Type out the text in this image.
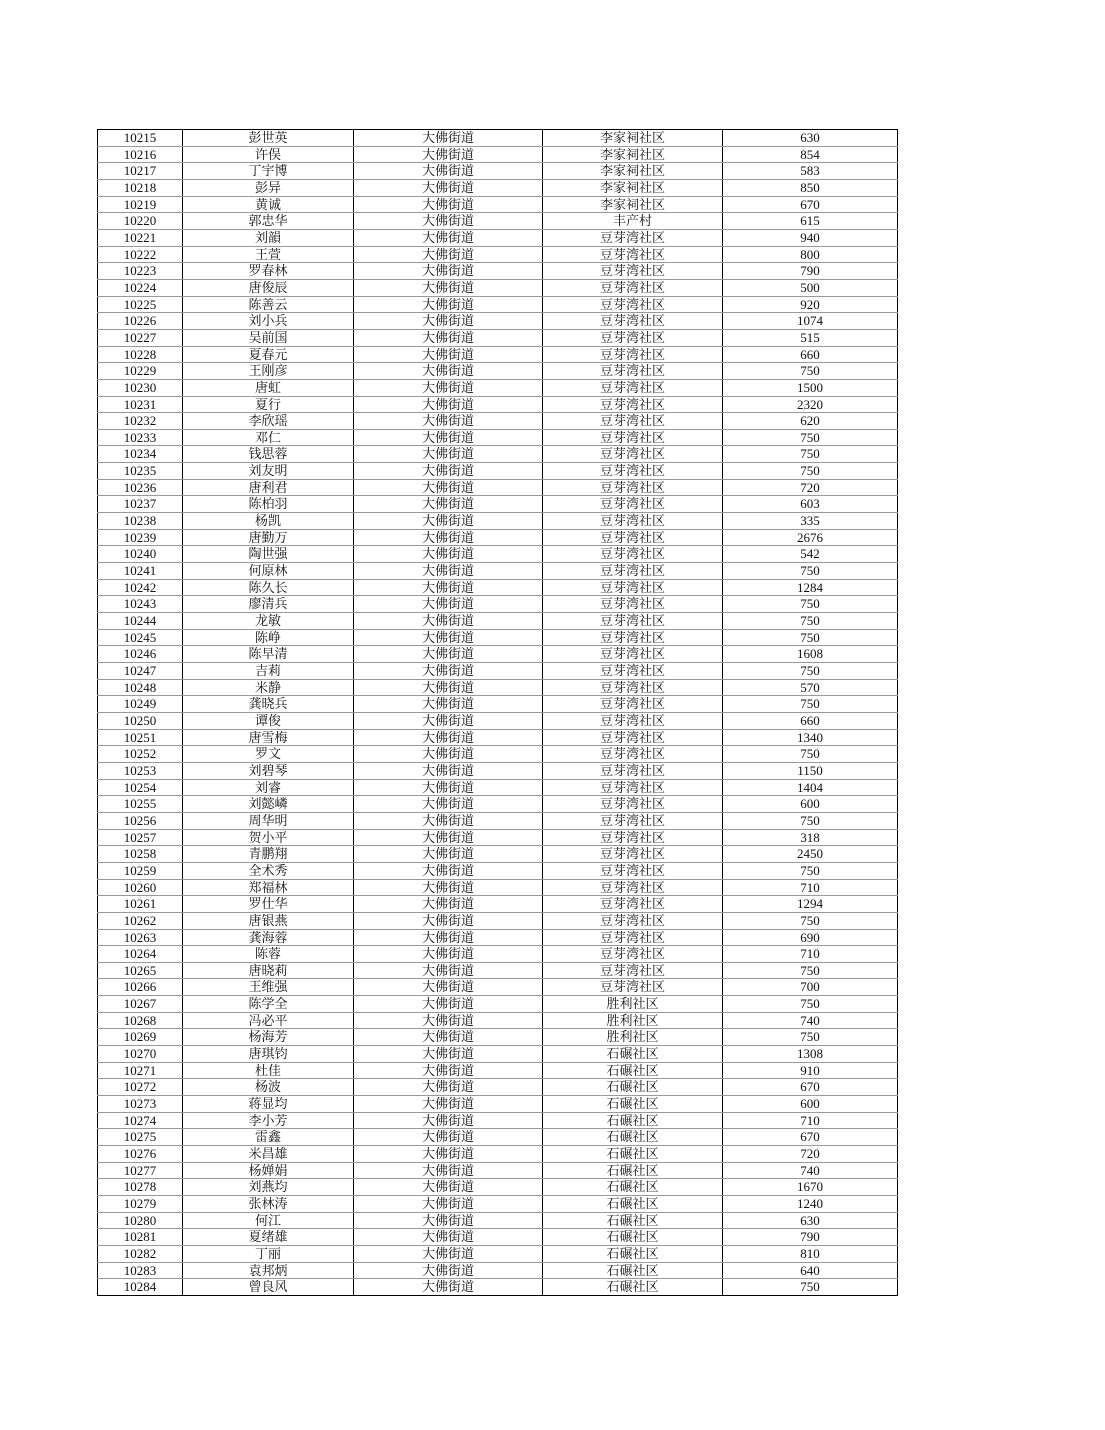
10215	彭世英	大佛街道	李家祠社区	630
10216	许俣	大佛街道	李家祠社区	854
10217	丁宇博	大佛街道	李家祠社区	583
10218	彭异	大佛街道	李家祠社区	850
10219	黄诚	大佛街道	李家祠社区	670
10220	郭忠华	大佛街道	丰产村	615
10221	刘韻	大佛街道	豆芽湾社区	940
10222	王萱	大佛街道	豆芽湾社区	800
10223	罗春林	大佛街道	豆芽湾社区	790
10224	唐俊辰	大佛街道	豆芽湾社区	500
10225	陈善云	大佛街道	豆芽湾社区	920
10226	刘小兵	大佛街道	豆芽湾社区	1074
10227	吴前国	大佛街道	豆芽湾社区	515
10228	夏春元	大佛街道	豆芽湾社区	660
10229	王刚彦	大佛街道	豆芽湾社区	750
10230	唐虹	大佛街道	豆芽湾社区	1500
10231	夏行	大佛街道	豆芽湾社区	2320
10232	李欣瑶	大佛街道	豆芽湾社区	620
10233	邓仁	大佛街道	豆芽湾社区	750
10234	钱思蓉	大佛街道	豆芽湾社区	750
10235	刘友明	大佛街道	豆芽湾社区	750
10236	唐利君	大佛街道	豆芽湾社区	720
10237	陈柏羽	大佛街道	豆芽湾社区	603
10238	杨凯	大佛街道	豆芽湾社区	335
10239	唐勤万	大佛街道	豆芽湾社区	2676
10240	陶世强	大佛街道	豆芽湾社区	542
10241	何原林	大佛街道	豆芽湾社区	750
10242	陈久长	大佛街道	豆芽湾社区	1284
10243	廖清兵	大佛街道	豆芽湾社区	750
10244	龙敏	大佛街道	豆芽湾社区	750
10245	陈峥	大佛街道	豆芽湾社区	750
10246	陈早清	大佛街道	豆芽湾社区	1608
10247	吉莉	大佛街道	豆芽湾社区	750
10248	米静	大佛街道	豆芽湾社区	570
10249	龚晓兵	大佛街道	豆芽湾社区	750
10250	谭俊	大佛街道	豆芽湾社区	660
10251	唐雪梅	大佛街道	豆芽湾社区	1340
10252	罗文	大佛街道	豆芽湾社区	750
10253	刘碧琴	大佛街道	豆芽湾社区	1150
10254	刘睿	大佛街道	豆芽湾社区	1404
10255	刘懿嶙	大佛街道	豆芽湾社区	600
10256	周华明	大佛街道	豆芽湾社区	750
10257	贺小平	大佛街道	豆芽湾社区	318
10258	青鹏翔	大佛街道	豆芽湾社区	2450
10259	全术秀	大佛街道	豆芽湾社区	750
10260	郑福林	大佛街道	豆芽湾社区	710
10261	罗仕华	大佛街道	豆芽湾社区	1294
10262	唐银燕	大佛街道	豆芽湾社区	750
10263	龚海蓉	大佛街道	豆芽湾社区	690
10264	陈蓉	大佛街道	豆芽湾社区	710
10265	唐晓莉	大佛街道	豆芽湾社区	750
10266	王维强	大佛街道	豆芽湾社区	700
10267	陈学全	大佛街道	胜利社区	750
10268	冯必平	大佛街道	胜利社区	740
10269	杨海芳	大佛街道	胜利社区	750
10270	唐琪钧	大佛街道	石碾社区	1308
10271	杜佳	大佛街道	石碾社区	910
10272	杨波	大佛街道	石碾社区	670
10273	蒋显均	大佛街道	石碾社区	600
10274	李小芳	大佛街道	石碾社区	710
10275	雷鑫	大佛街道	石碾社区	670
10276	米昌雄	大佛街道	石碾社区	720
10277	杨婵娟	大佛街道	石碾社区	740
10278	刘燕均	大佛街道	石碾社区	1670
10279	张林涛	大佛街道	石碾社区	1240
10280	何江	大佛街道	石碾社区	630
10281	夏绪雄	大佛街道	石碾社区	790
10282	丁丽	大佛街道	石碾社区	810
10283	袁邦炳	大佛街道	石碾社区	640
10284	曾良风	大佛街道	石碾社区	750
